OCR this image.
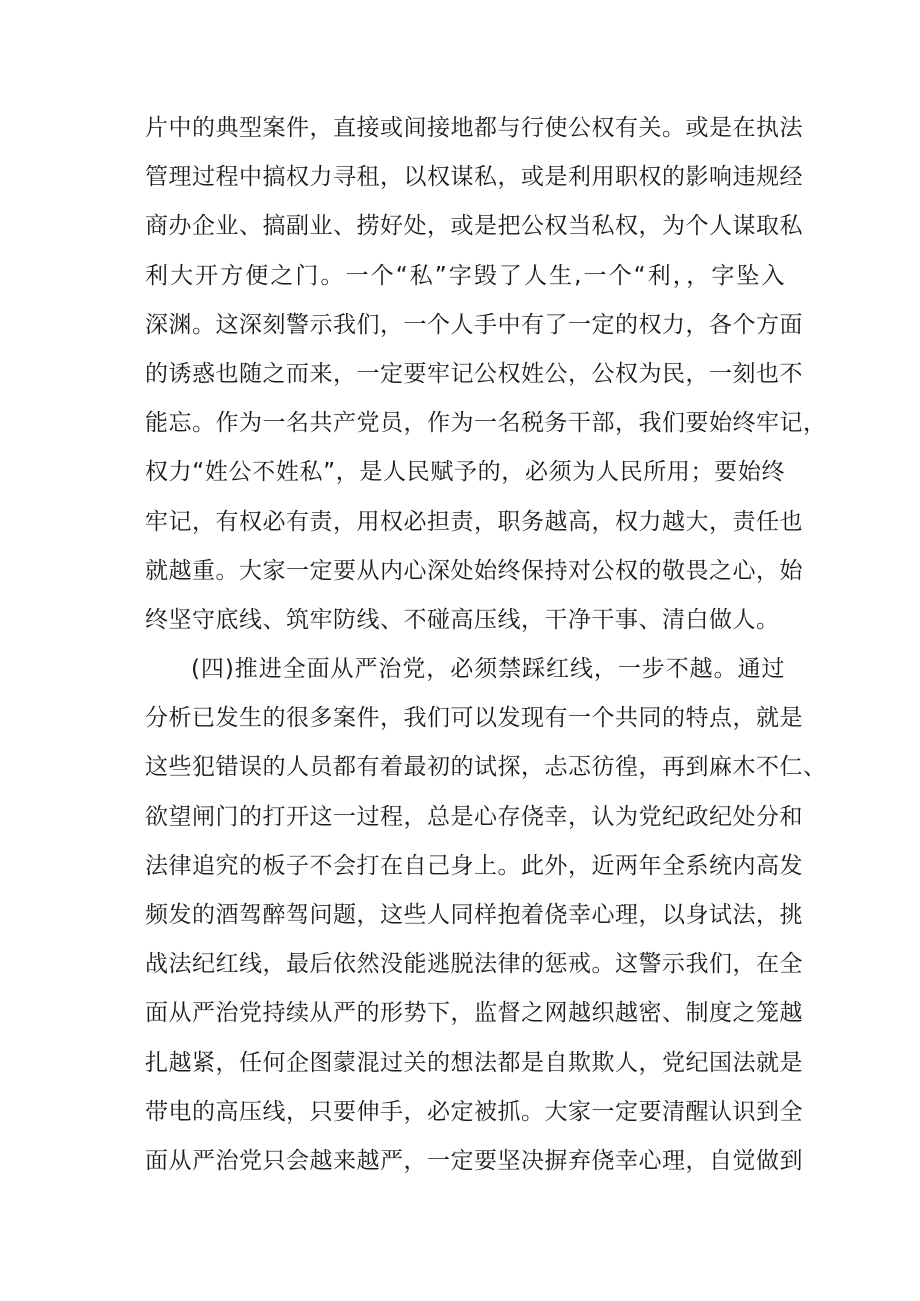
片中的典型案件，直接或间接地都与行使公权有关。或是在执法
管理过程中搞权力寻租，以权谋私，或是利用职权的影响违规经
商办企业、搞副业、捞好处，或是把公权当私权，为个人谋取私
利大开方便之门。一个“私”字毁了人生,一个“利，，字坠入
深渊。这深刻警示我们，一个人手中有了一定的权力，各个方面
的诱惑也随之而来，一定要牢记公权姓公，公权为民，一刻也不
能忘。作为一名共产党员，作为一名税务干部，我们要始终牢记，
权力“姓公不姓私”，是人民赋予的，必须为人民所用；要始终
牢记，有权必有责，用权必担责，职务越高，权力越大，责任也
就越重。大家一定要从内心深处始终保持对公权的敬畏之心，始
终坚守底线、筑牢防线、不碰高压线，干净干事、清白做人。
(四)推进全面从严治党，必须禁踩红线，一步不越。通过
分析已发生的很多案件，我们可以发现有一个共同的特点，就是
这些犯错误的人员都有着最初的试探，忐忑彷徨，再到麻木不仁、
欲望闸门的打开这一过程，总是心存侥幸，认为党纪政纪处分和
法律追究的板子不会打在自己身上。此外，近两年全系统内高发
频发的酒驾醉驾问题，这些人同样抱着侥幸心理，以身试法，挑
战法纪红线，最后依然没能逃脱法律的惩戒。这警示我们，在全
面从严治党持续从严的形势下，监督之网越织越密、制度之笼越
扎越紧，任何企图蒙混过关的想法都是自欺欺人，党纪国法就是
带电的高压线，只要伸手，必定被抓。大家一定要清醒认识到全
面从严治党只会越来越严，一定要坚决摒弃侥幸心理，自觉做到
